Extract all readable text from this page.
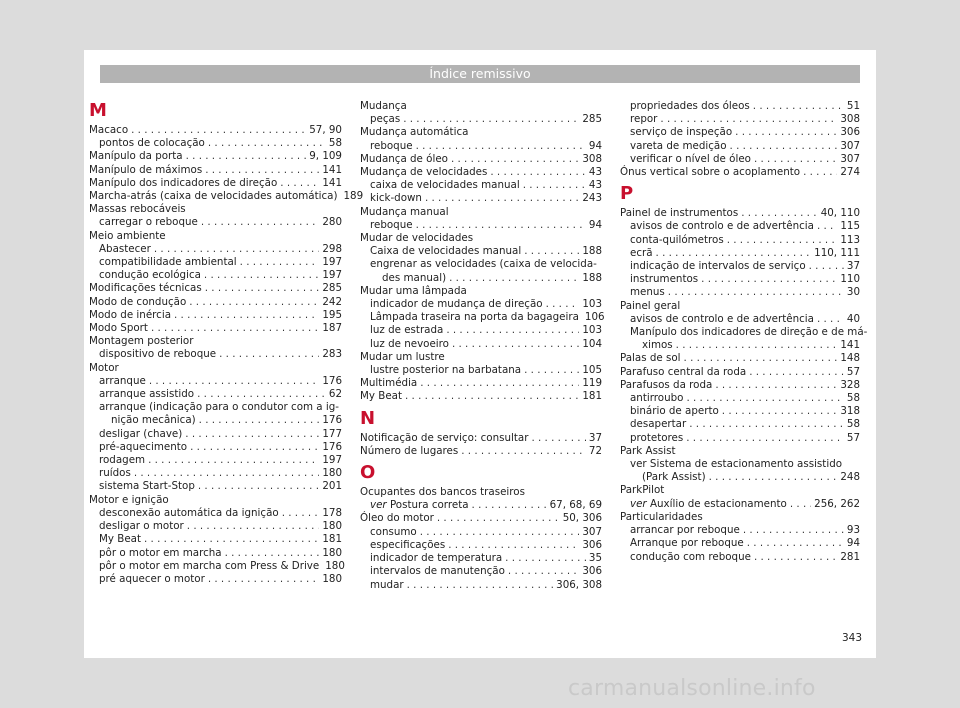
Índice remissivo
M
Macaco . . .	57, 90
pontos de colocação . . .	58
Manípulo da porta . . .	9, 109
Manípulo de máximos . . .	141
Manípulo dos indicadores de direção . . .	141
Marcha-atrás (caixa de velocidades automática) 189
Massas rebocáveis
carregar o reboque . . .	280
Meio ambiente
Abastecer . . .	298
compatibilidade ambiental . . .	197
condução ecológica . . .	197
Modificações técnicas . . .	285
Modo de condução . . .	242
Modo de inércia . . .	195
Modo Sport . . .	187
Montagem posterior
dispositivo de reboque . . .	283
Motor
arranque . . .	176
arranque assistido . . .	62
arranque (indicação para o condutor com a ig-
nição mecânica) . . .	176
desligar (chave) . . .	177
pré-aquecimento . . .	176
rodagem . . .	197
ruídos . . .	180
sistema Start-Stop . . .	201
Motor e ignição
desconexão automática da ignição . . .	178
desligar o motor . . .	180
My Beat . . .	181
pôr o motor em marcha . . .	180
pôr o motor em marcha com Press & Drive 180
pré aquecer o motor . . .	180
Mudança
peças . . .	285
Mudança automática
reboque . . .	94
Mudança de óleo . . .	308
Mudança de velocidades . . .	43
caixa de velocidades manual . . .	43
kick-down . . .	243
Mudança manual
reboque . . .	94
Mudar de velocidades
Caixa de velocidades manual . . .	188
engrenar as velocidades (caixa de velocida-
des manual) . . .	188
Mudar uma lâmpada
indicador de mudança de direção . . .	103
Lâmpada traseira na porta da bagageira 106
luz de estrada . . .	103
luz de nevoeiro . . .	104
Mudar um lustre
lustre posterior na barbatana . . .	105
Multimédia . . .	119
My Beat . . .	181
N
Notificação de serviço: consultar . . .	37
Número de lugares . . .	72
O
Ocupantes dos bancos traseiros
ver Postura correta . . .	67, 68, 69
Óleo do motor . . .	50, 306
consumo . . .	307
especificações . . .	306
indicador de temperatura . . .	35
intervalos de manutenção . . .	306
mudar . . .	306, 308
propriedades dos óleos . . .	51
repor . . .	308
serviço de inspeção . . .	306
vareta de medição . . .	307
verificar o nível de óleo . . .	307
Ónus vertical sobre o acoplamento . . .	274
P
Painel de instrumentos . . .	40, 110
avisos de controlo e de advertência . . .	115
conta-quilómetros . . .	113
ecrã . . .	110, 111
indicação de intervalos de serviço . . .	37
instrumentos . . .	110
menus . . .	30
Painel geral
avisos de controlo e de advertência . . .	40
Manípulo dos indicadores de direção e de má-
ximos . . .	141
Palas de sol . . .	148
Parafuso central da roda . . .	57
Parafusos da roda . . .	328
antirroubo . . .	58
binário de aperto . . .	318
desapertar . . .	58
protetores . . .	57
Park Assist
ver Sistema de estacionamento assistido
(Park Assist) . . .	248
ParkPilot
ver Auxílio de estacionamento . . .	256, 262
Particularidades
arrancar por reboque . . .	93
Arranque por reboque . . .	94
condução com reboque . . .	281
343
carmanualsonline.info
